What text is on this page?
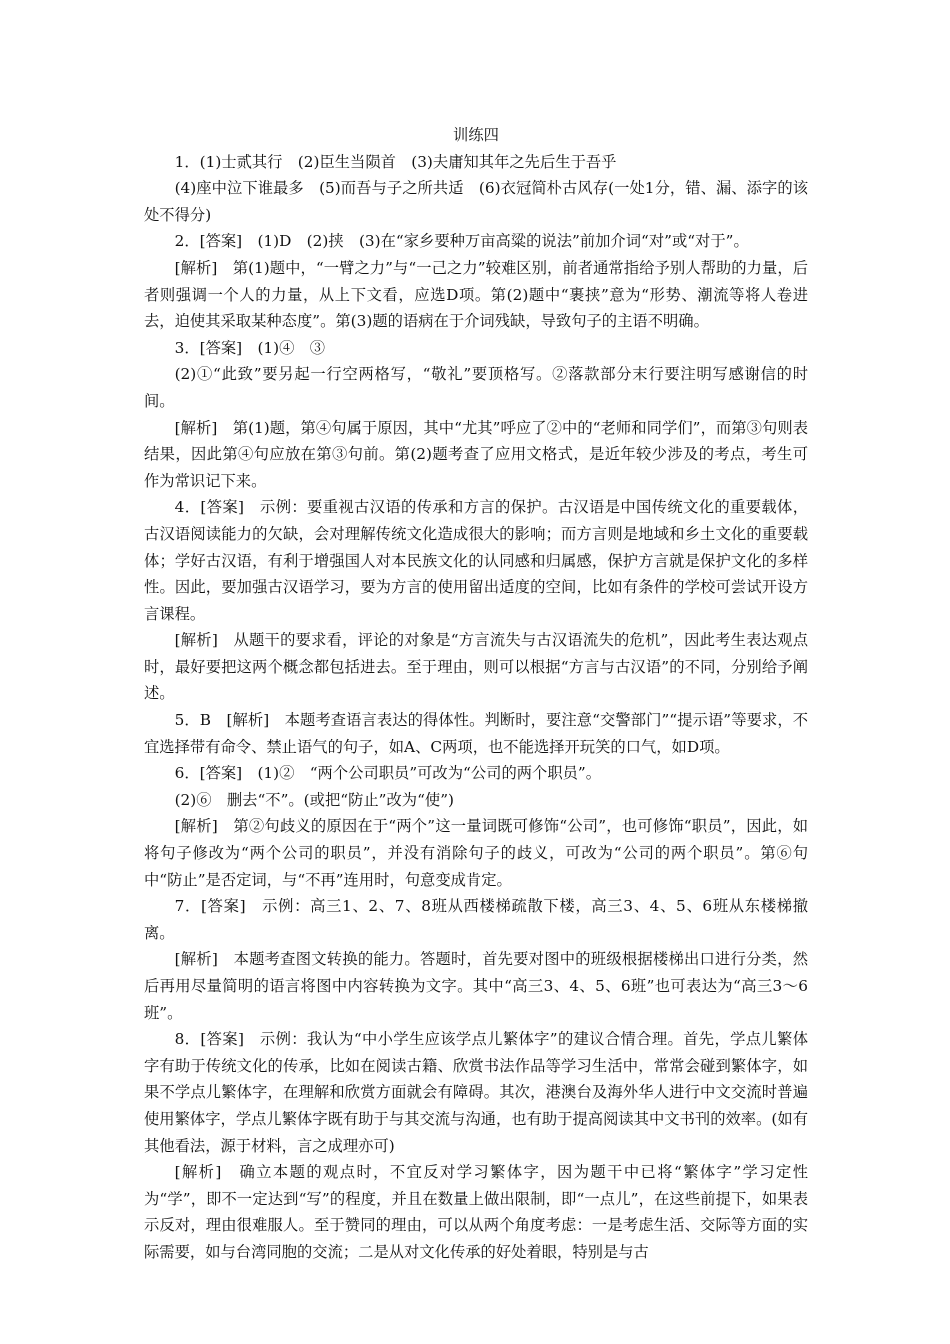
训练四

1．(1)士贰其行　(2)臣生当陨首　(3)夫庸知其年之先后生于吾乎

(4)座中泣下谁最多　(5)而吾与子之所共适　(6)衣冠简朴古风存(一处1分，错、漏、添字的该处不得分)

2．[答案]　(1)D　(2)挟　(3)在“家乡要种万亩高粱的说法”前加介词“对”或“对于”。

[解析]　第(1)题中，“一臂之力”与“一己之力”较难区别，前者通常指给予别人帮助的力量，后者则强调一个人的力量，从上下文看，应选D项。第(2)题中“裹挟”意为“形势、潮流等将人卷进去，迫使其采取某种态度”。第(3)题的语病在于介词残缺，导致句子的主语不明确。

3．[答案]　(1)④　③

(2)①“此致”要另起一行空两格写，“敬礼”要顶格写。②落款部分末行要注明写感谢信的时间。

[解析]　第(1)题，第④句属于原因，其中“尤其”呼应了②中的“老师和同学们”，而第③句则表结果，因此第④句应放在第③句前。第(2)题考查了应用文格式，是近年较少涉及的考点，考生可作为常识记下来。

4．[答案]　示例：要重视古汉语的传承和方言的保护。古汉语是中国传统文化的重要载体，古汉语阅读能力的欠缺，会对理解传统文化造成很大的影响；而方言则是地域和乡土文化的重要载体；学好古汉语，有利于增强国人对本民族文化的认同感和归属感，保护方言就是保护文化的多样性。因此，要加强古汉语学习，要为方言的使用留出适度的空间，比如有条件的学校可尝试开设方言课程。

[解析]　从题干的要求看，评论的对象是“方言流失与古汉语流失的危机”，因此考生表达观点时，最好要把这两个概念都包括进去。至于理由，则可以根据“方言与古汉语”的不同，分别给予阐述。

5．B　[解析]　本题考查语言表达的得体性。判断时，要注意“交警部门”“提示语”等要求，不宜选择带有命令、禁止语气的句子，如A、C两项，也不能选择开玩笑的口气，如D项。

6．[答案]　(1)②　“两个公司职员”可改为“公司的两个职员”。

(2)⑥　删去“不”。(或把“防止”改为“使”)

[解析]　第②句歧义的原因在于“两个”这一量词既可修饰“公司”，也可修饰“职员”，因此，如将句子修改为“两个公司的职员”，并没有消除句子的歧义，可改为“公司的两个职员”。第⑥句中“防止”是否定词，与“不再”连用时，句意变成肯定。

7．[答案]　示例：高三1、2、7、8班从西楼梯疏散下楼，高三3、4、5、6班从东楼梯撤离。

[解析]　本题考查图文转换的能力。答题时，首先要对图中的班级根据楼梯出口进行分类，然后再用尽量简明的语言将图中内容转换为文字。其中“高三3、4、5、6班”也可表达为“高三3～6班”。

8．[答案]　示例：我认为“中小学生应该学点儿繁体字”的建议合情合理。首先，学点儿繁体字有助于传统文化的传承，比如在阅读古籍、欣赏书法作品等学习生活中，常常会碰到繁体字，如果不学点儿繁体字，在理解和欣赏方面就会有障碍。其次，港澳台及海外华人进行中文交流时普遍使用繁体字，学点儿繁体字既有助于与其交流与沟通，也有助于提高阅读其中文书刊的效率。(如有其他看法，源于材料，言之成理亦可)

[解析]　确立本题的观点时，不宜反对学习繁体字，因为题干中已将“繁体字”学习定性为“学”，即不一定达到“写”的程度，并且在数量上做出限制，即“一点儿”，在这些前提下，如果表示反对，理由很难服人。至于赞同的理由，可以从两个角度考虑：一是考虑生活、交际等方面的实际需要，如与台湾同胞的交流；二是从对文化传承的好处着眼，特别是与古
